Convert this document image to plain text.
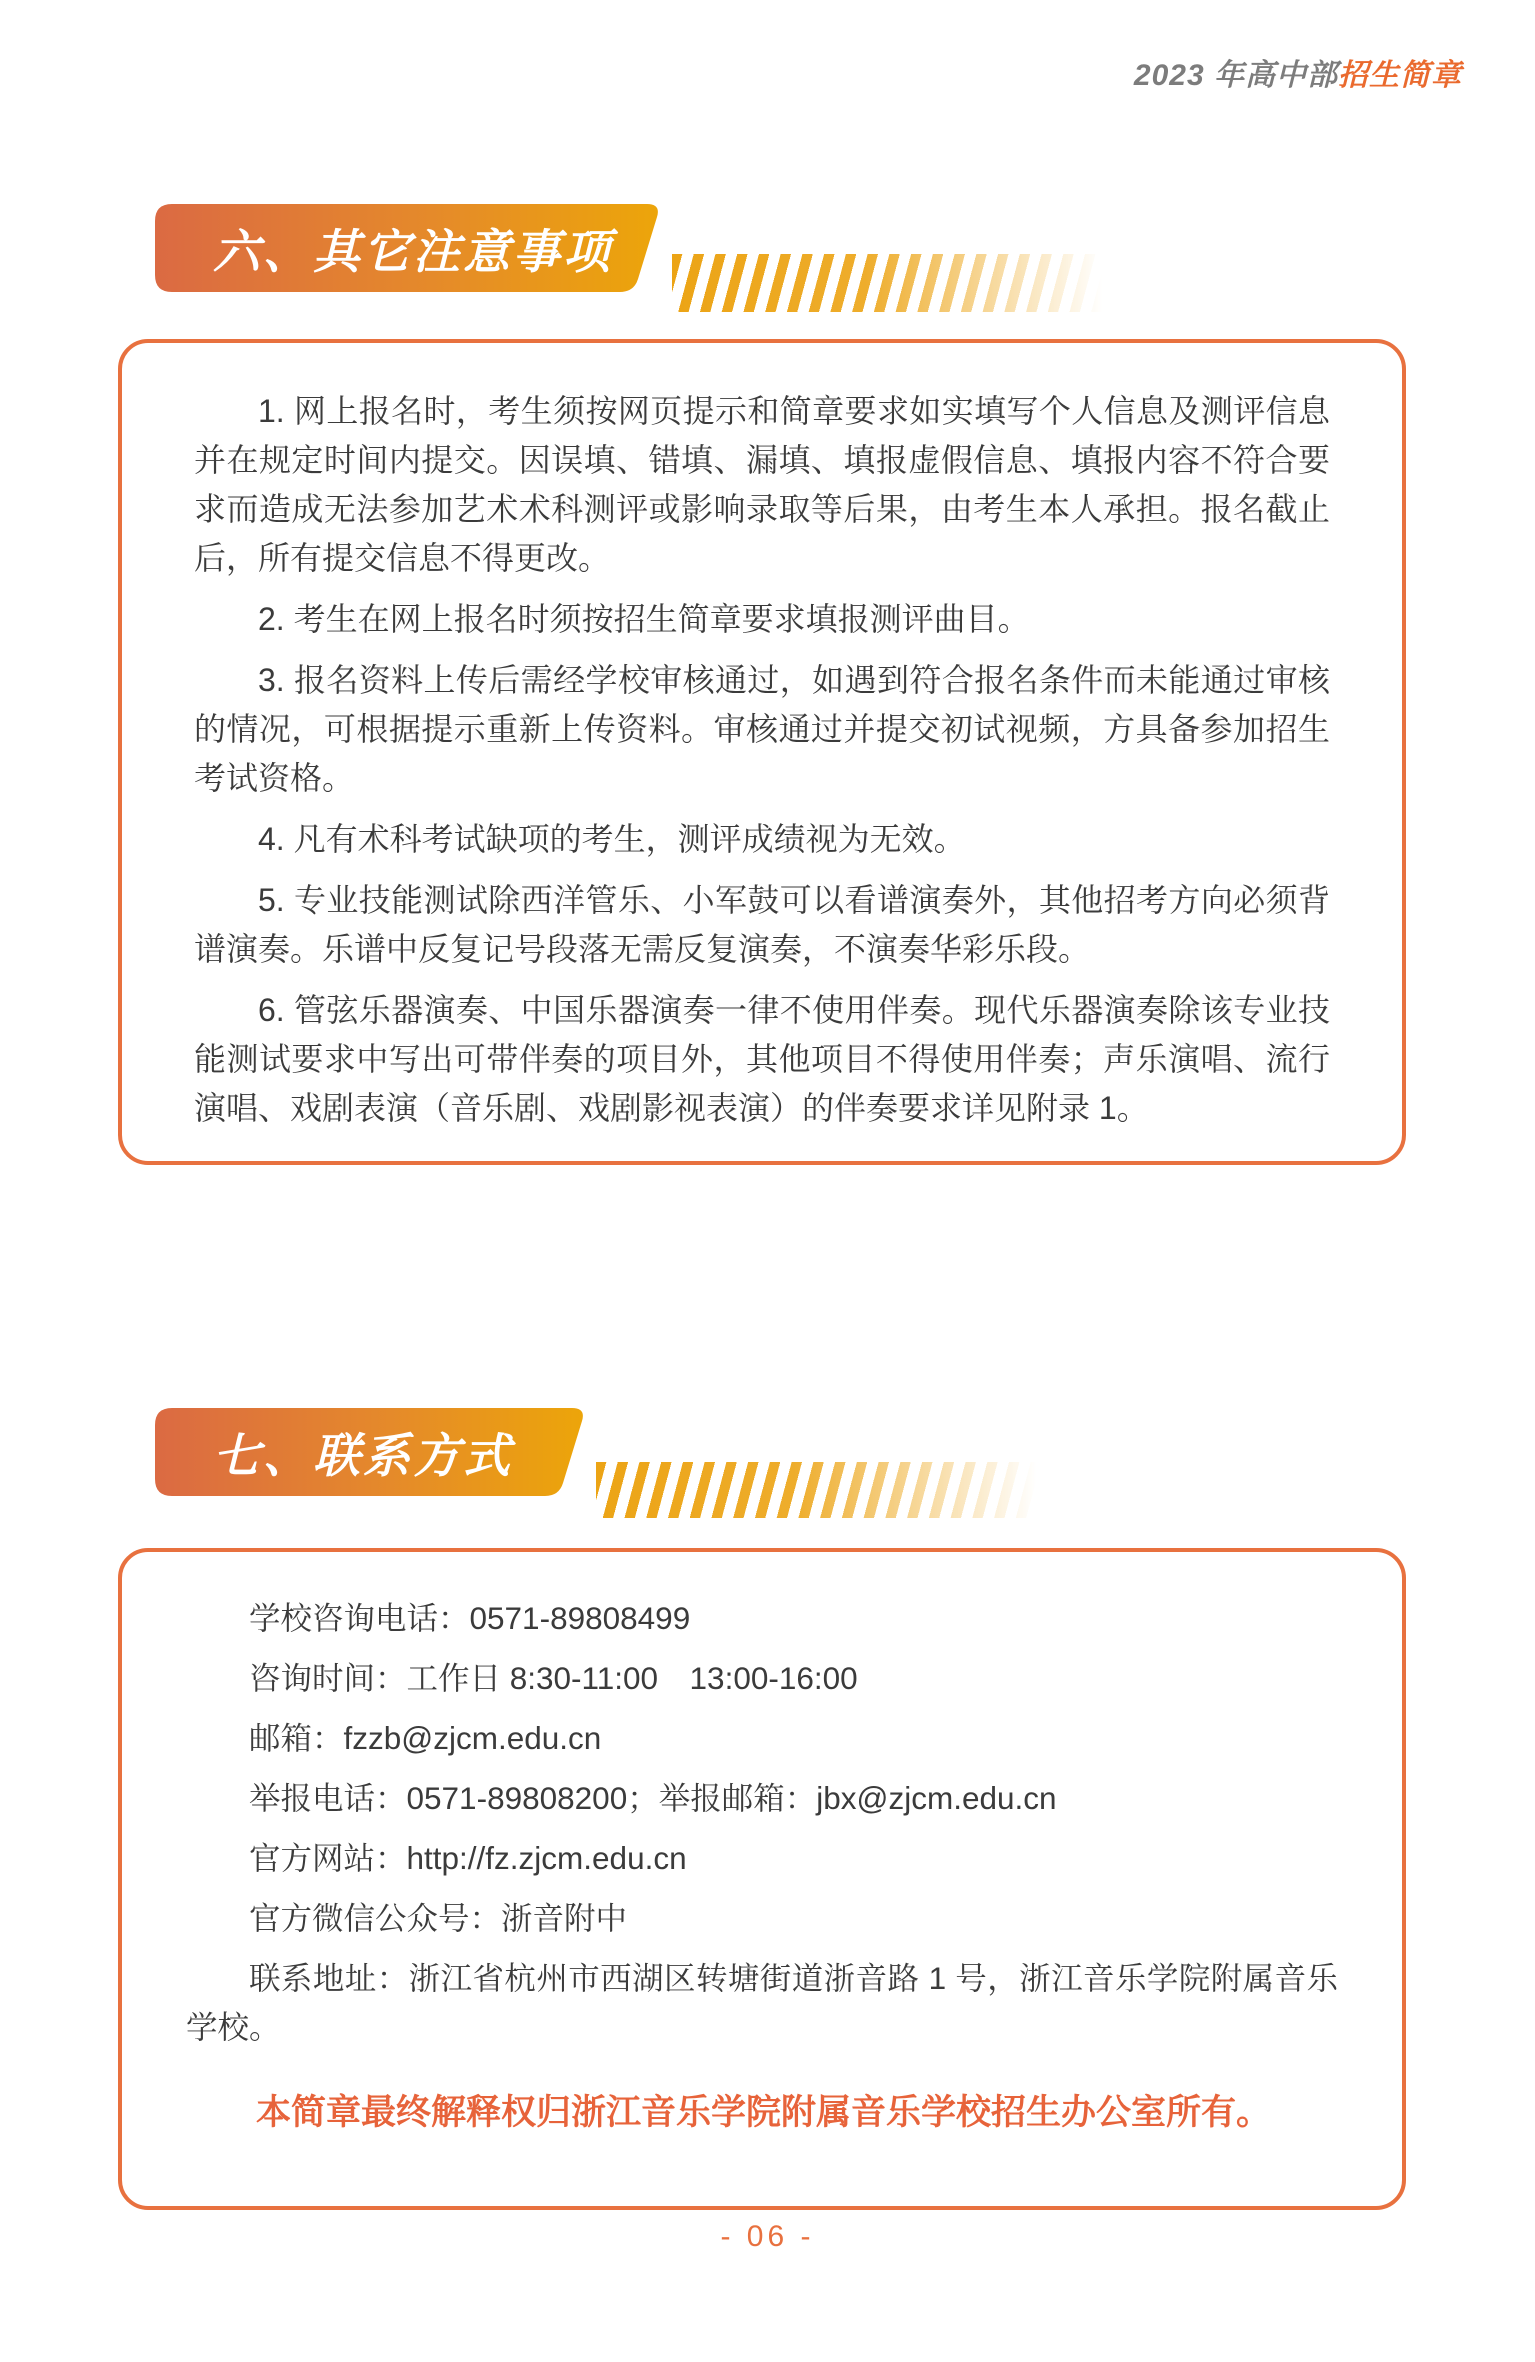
2023 年高中部招生简章
六、其它注意事项

1. 网上报名时，考生须按网页提示和简章要求如实填写个人信息及测评信息并在规定时间内提交。因误填、错填、漏填、填报虚假信息、填报内容不符合要求而造成无法参加艺术术科测评或影响录取等后果，由考生本人承担。报名截止后，所有提交信息不得更改。

2. 考生在网上报名时须按招生简章要求填报测评曲目。

3. 报名资料上传后需经学校审核通过，如遇到符合报名条件而未能通过审核的情况，可根据提示重新上传资料。审核通过并提交初试视频，方具备参加招生考试资格。

4. 凡有术科考试缺项的考生，测评成绩视为无效。

5. 专业技能测试除西洋管乐、小军鼓可以看谱演奏外，其他招考方向必须背谱演奏。乐谱中反复记号段落无需反复演奏，不演奏华彩乐段。

6. 管弦乐器演奏、中国乐器演奏一律不使用伴奏。现代乐器演奏除该专业技能测试要求中写出可带伴奏的项目外，其他项目不得使用伴奏；声乐演唱、流行演唱、戏剧表演（音乐剧、戏剧影视表演）的伴奏要求详见附录 1。

七、联系方式

学校咨询电话：0571-89808499

咨询时间：工作日 8:30-11:00　13:00-16:00

邮箱：fzzb@zjcm.edu.cn

举报电话：0571-89808200；举报邮箱：jbx@zjcm.edu.cn

官方网站：http://fz.zjcm.edu.cn

官方微信公众号：浙音附中

联系地址：浙江省杭州市西湖区转塘街道浙音路 1 号，浙江音乐学院附属音乐学校。

本简章最终解释权归浙江音乐学院附属音乐学校招生办公室所有。

- 06 -
